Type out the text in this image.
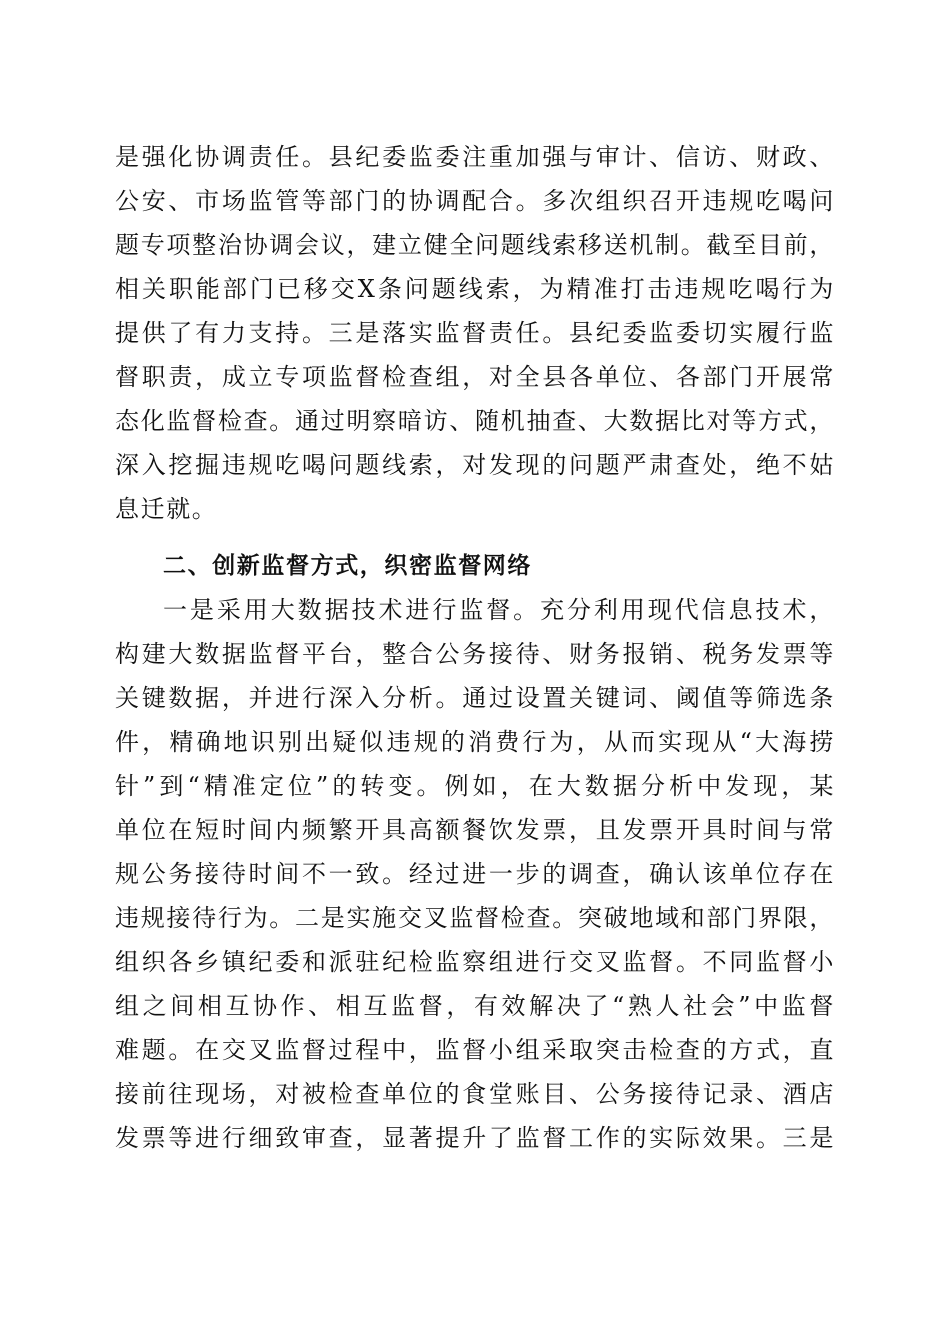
是强化协调责任。县纪委监委注重加强与审计、信访、财政、
公安、市场监管等部门的协调配合。多次组织召开违规吃喝问
题专项整治协调会议，建立健全问题线索移送机制。截至目前，
相关职能部门已移交X条问题线索，为精准打击违规吃喝行为
提供了有力支持。三是落实监督责任。县纪委监委切实履行监
督职责，成立专项监督检查组，对全县各单位、各部门开展常
态化监督检查。通过明察暗访、随机抽查、大数据比对等方式，
深入挖掘违规吃喝问题线索，对发现的问题严肃查处，绝不姑
息迁就。
二、创新监督方式，织密监督网络
一是采用大数据技术进行监督。充分利用现代信息技术，
构建大数据监督平台，整合公务接待、财务报销、税务发票等
关键数据，并进行深入分析。通过设置关键词、阈值等筛选条
件，精确地识别出疑似违规的消费行为，从而实现从“大海捞
针”到“精准定位”的转变。例如，在大数据分析中发现，某
单位在短时间内频繁开具高额餐饮发票，且发票开具时间与常
规公务接待时间不一致。经过进一步的调查，确认该单位存在
违规接待行为。二是实施交叉监督检查。突破地域和部门界限，
组织各乡镇纪委和派驻纪检监察组进行交叉监督。不同监督小
组之间相互协作、相互监督，有效解决了“熟人社会”中监督
难题。在交叉监督过程中，监督小组采取突击检查的方式，直
接前往现场，对被检查单位的食堂账目、公务接待记录、酒店
发票等进行细致审查，显著提升了监督工作的实际效果。三是
